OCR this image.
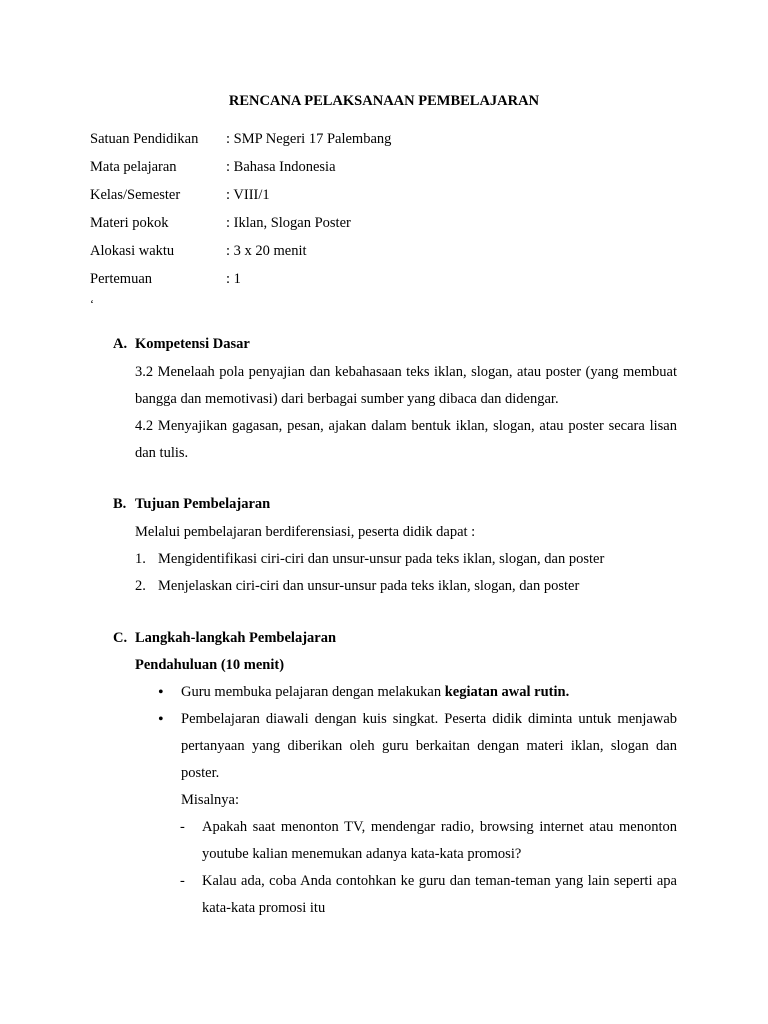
RENCANA PELAKSANAAN PEMBELAJARAN
Satuan Pendidikan	: SMP Negeri 17 Palembang
Mata pelajaran	: Bahasa Indonesia
Kelas/Semester	: VIII/1
Materi pokok	: Iklan, Slogan Poster
Alokasi waktu	: 3 x 20 menit
Pertemuan	: 1
‘
A. Kompetensi Dasar

3.2 Menelaah pola penyajian dan kebahasaan teks iklan, slogan, atau poster (yang membuat bangga dan memotivasi) dari berbagai sumber yang dibaca dan didengar.

4.2 Menyajikan gagasan, pesan, ajakan dalam bentuk iklan, slogan, atau poster secara lisan dan tulis.

B. Tujuan Pembelajaran
Melalui pembelajaran berdiferensiasi, peserta didik dapat :
1. Mengidentifikasi ciri-ciri dan unsur-unsur pada teks iklan, slogan, dan poster
2. Menjelaskan ciri-ciri dan unsur-unsur pada teks iklan, slogan, dan poster
C. Langkah-langkah Pembelajaran
Pendahuluan (10 menit)
•	Guru membuka pelajaran dengan melakukan kegiatan awal rutin.
•	Pembelajaran diawali dengan kuis singkat. Peserta didik diminta untuk menjawab pertanyaan yang diberikan oleh guru berkaitan dengan materi iklan, slogan dan poster.
Misalnya:
-	Apakah saat menonton TV, mendengar radio, browsing internet atau menonton youtube kalian menemukan adanya kata-kata promosi?
-	Kalau ada, coba Anda contohkan ke guru dan teman-teman yang lain seperti apa kata-kata promosi itu
